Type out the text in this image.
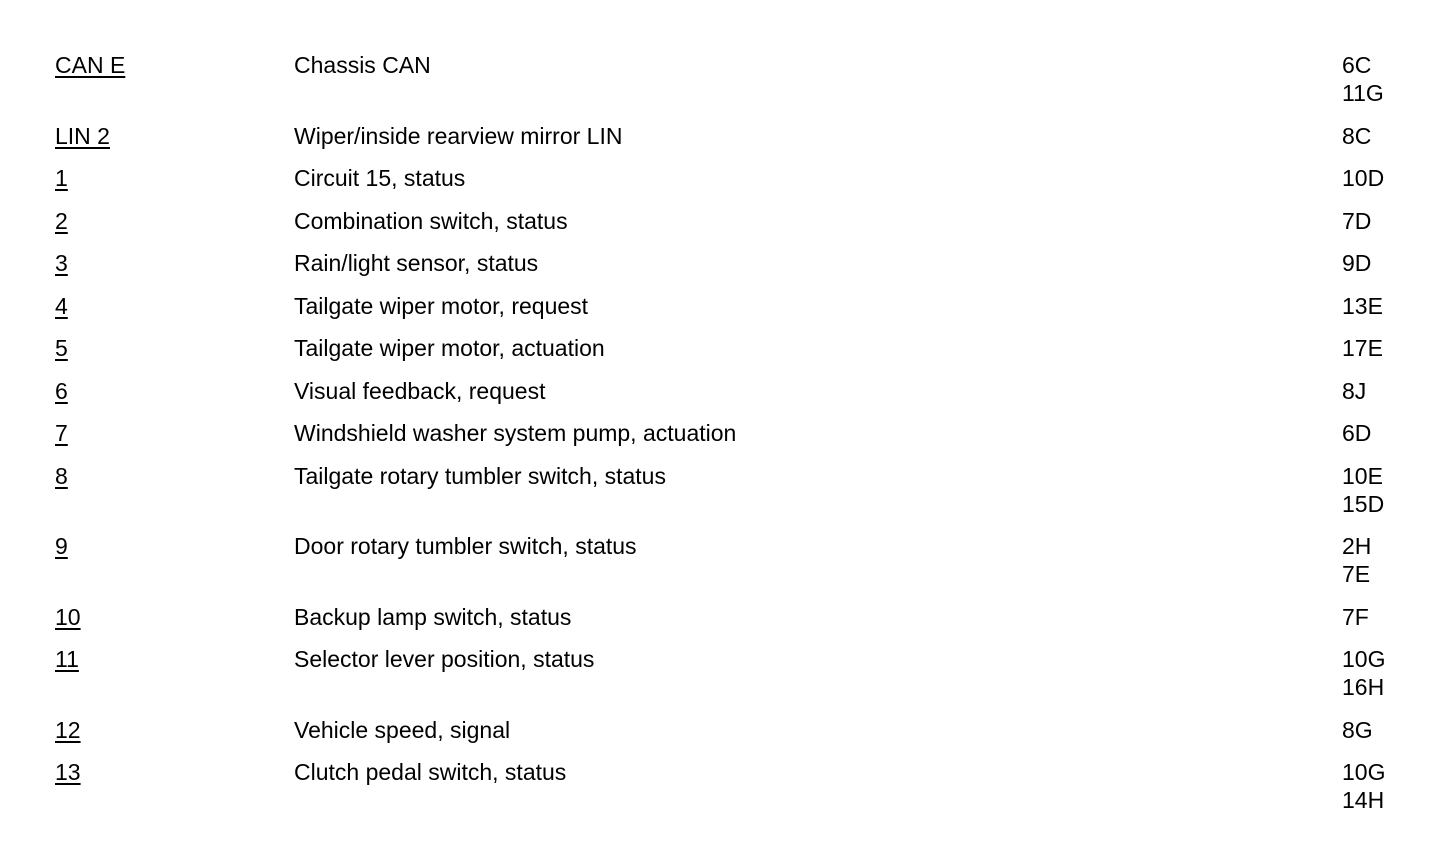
CAN E	Chassis CAN	6C
11G
LIN 2	Wiper/inside rearview mirror LIN	8C
1	Circuit 15, status	10D
2	Combination switch, status	7D
3	Rain/light sensor, status	9D
4	Tailgate wiper motor, request	13E
5	Tailgate wiper motor, actuation	17E
6	Visual feedback, request	8J
7	Windshield washer system pump, actuation	6D
8	Tailgate rotary tumbler switch, status	10E
15D
9	Door rotary tumbler switch, status	2H
7E
10	Backup lamp switch, status	7F
11	Selector lever position, status	10G
16H
12	Vehicle speed, signal	8G
13	Clutch pedal switch, status	10G
14H
